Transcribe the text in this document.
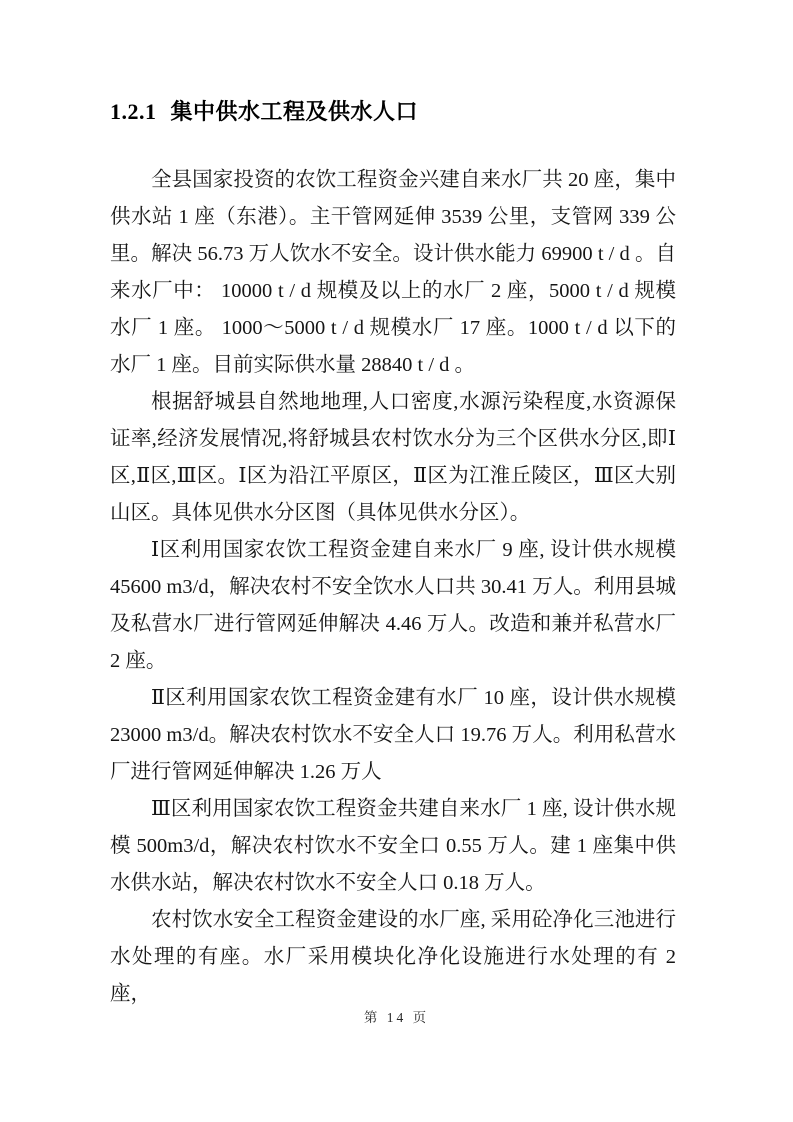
1.2.1 集中供水工程及供水人口

全县国家投资的农饮工程资金兴建自来水厂共 20 座，集中供水站 1 座（东港）。主干管网延伸 3539 公里，支管网 339 公里。解决 56.73 万人饮水不安全。设计供水能力 69900 t / d 。自来水厂中： 10000 t / d 规模及以上的水厂 2 座，5000 t / d 规模水厂 1 座。 1000～5000 t / d 规模水厂 17 座。1000 t / d 以下的水厂 1 座。目前实际供水量 28840 t / d 。

根据舒城县自然地地理,人口密度,水源污染程度,水资源保证率,经济发展情况,将舒城县农村饮水分为三个区供水分区,即Ⅰ区,Ⅱ区,Ⅲ区。Ⅰ区为沿江平原区，Ⅱ区为江淮丘陵区，Ⅲ区大别山区。具体见供水分区图（具体见供水分区）。

Ⅰ区利用国家农饮工程资金建自来水厂 9 座, 设计供水规模 45600 m3/d，解决农村不安全饮水人口共 30.41 万人。利用县城及私营水厂进行管网延伸解决 4.46 万人。改造和兼并私营水厂 2 座。

Ⅱ区利用国家农饮工程资金建有水厂 10 座，设计供水规模 23000 m3/d。解决农村饮水不安全人口 19.76 万人。利用私营水厂进行管网延伸解决 1.26 万人

Ⅲ区利用国家农饮工程资金共建自来水厂 1 座, 设计供水规模 500m3/d，解决农村饮水不安全口 0.55 万人。建 1 座集中供水供水站，解决农村饮水不安全人口 0.18 万人。

农村饮水安全工程资金建设的水厂座, 采用砼净化三池进行水处理的有座。水厂采用模块化净化设施进行水处理的有 2 座，

第 14 页
